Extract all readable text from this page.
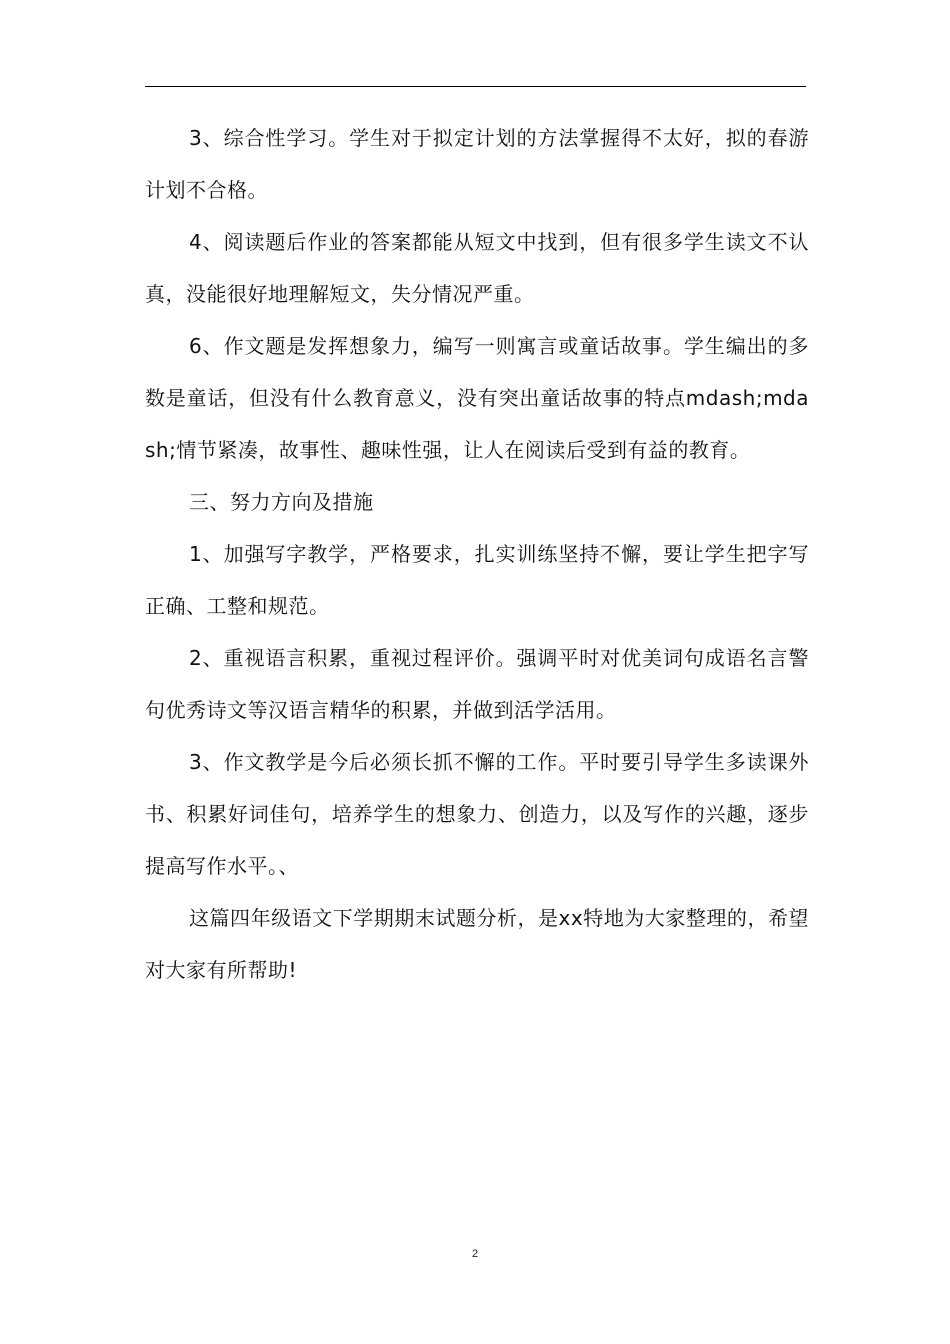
3、综合性学习。学生对于拟定计划的方法掌握得不太好，拟的春游计划不合格。

4、阅读题后作业的答案都能从短文中找到，但有很多学生读文不认真，没能很好地理解短文，失分情况严重。

6、作文题是发挥想象力，编写一则寓言或童话故事。学生编出的多数是童话，但没有什么教育意义，没有突出童话故事的特点mdash;mdash;情节紧凑，故事性、趣味性强，让人在阅读后受到有益的教育。

三、努力方向及措施

1、加强写字教学，严格要求，扎实训练坚持不懈，要让学生把字写正确、工整和规范。

2、重视语言积累，重视过程评价。强调平时对优美词句成语名言警句优秀诗文等汉语言精华的积累，并做到活学活用。

3、作文教学是今后必须长抓不懈的工作。平时要引导学生多读课外书、积累好词佳句，培养学生的想象力、创造力，以及写作的兴趣，逐步提高写作水平。、

这篇四年级语文下学期期末试题分析，是xx特地为大家整理的，希望对大家有所帮助!

2
